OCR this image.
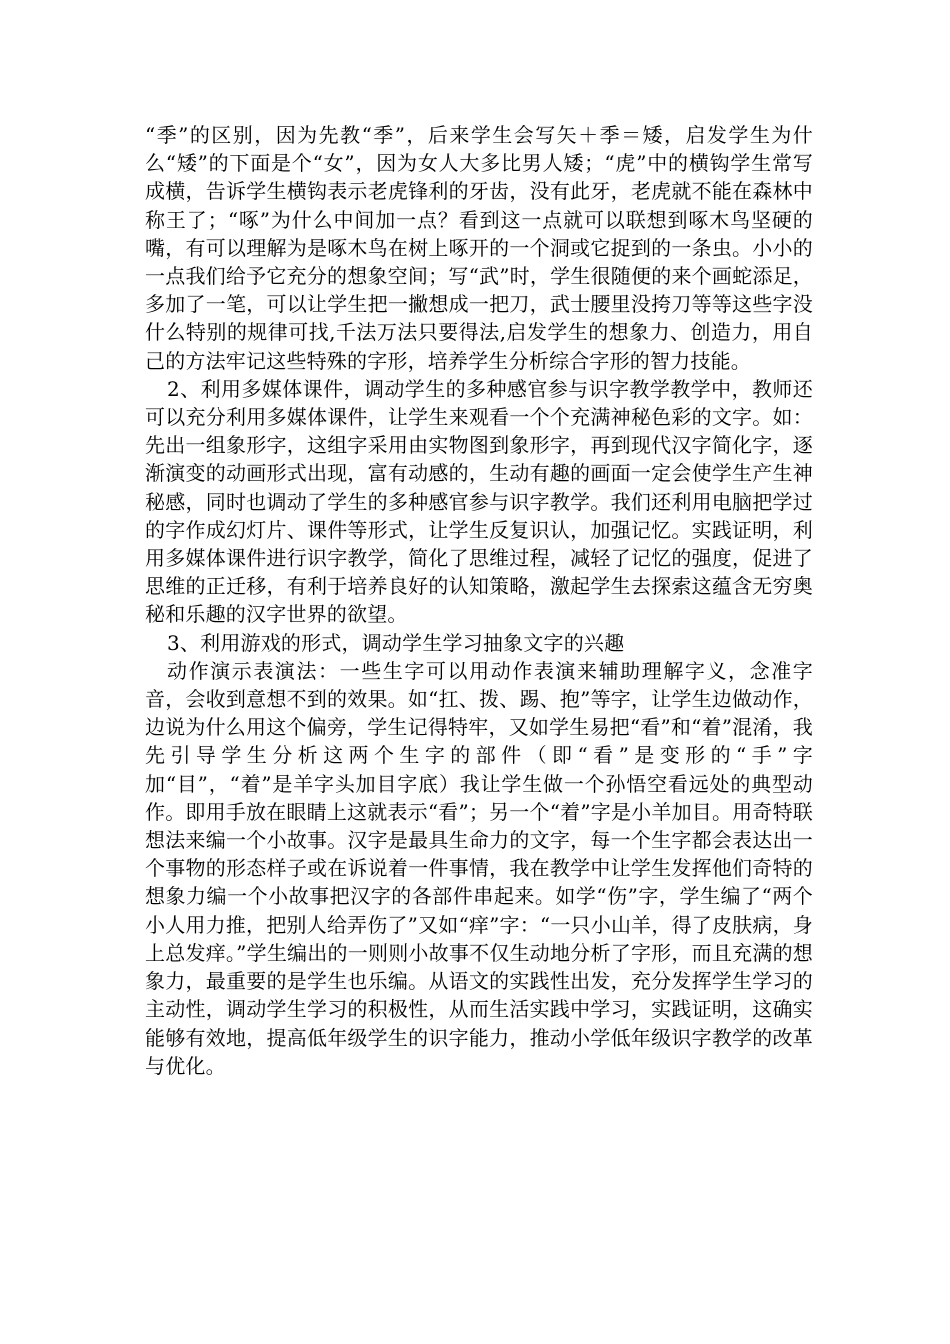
“季”的区别，因为先教“季”，后来学生会写矢＋季＝矮，启发学生为什么“矮”的下面是个“女”，因为女人大多比男人矮；“虎”中的横钩学生常写成横，告诉学生横钩表示老虎锋利的牙齿，没有此牙，老虎就不能在森林中称王了；“啄”为什么中间加一点？看到这一点就可以联想到啄木鸟坚硬的嘴，有可以理解为是啄木鸟在树上啄开的一个洞或它捉到的一条虫。小小的一点我们给予它充分的想象空间；写“武”时，学生很随便的来个画蛇添足，多加了一笔，可以让学生把一撇想成一把刀，武士腰里没挎刀等等这些字没什么特别的规律可找,千法万法只要得法,启发学生的想象力、创造力，用自己的方法牢记这些特殊的字形，培养学生分析综合字形的智力技能。

2、利用多媒体课件，调动学生的多种感官参与识字教学教学中，教师还可以充分利用多媒体课件，让学生来观看一个个充满神秘色彩的文字。如：先出一组象形字，这组字采用由实物图到象形字，再到现代汉字简化字，逐渐演变的动画形式出现，富有动感的，生动有趣的画面一定会使学生产生神秘感，同时也调动了学生的多种感官参与识字教学。我们还利用电脑把学过的字作成幻灯片、课件等形式，让学生反复识认，加强记忆。实践证明，利用多媒体课件进行识字教学，简化了思维过程，减轻了记忆的强度，促进了思维的正迁移，有利于培养良好的认知策略，激起学生去探索这蕴含无穷奥秘和乐趣的汉字世界的欲望。

3、利用游戏的形式，调动学生学习抽象文字的兴趣

动作演示表演法：一些生字可以用动作表演来辅助理解字义，念准字音，会收到意想不到的效果。如“扛、拨、踢、抱”等字，让学生边做动作，边说为什么用这个偏旁，学生记得特牢，又如学生易把“看”和“着”混淆，我先引导学生分析这两个生字的部件（即“看”是变形的“手”字加“目”，“着”是羊字头加目字底）我让学生做一个孙悟空看远处的典型动作。即用手放在眼睛上这就表示“看”；另一个“着”字是小羊加目。用奇特联想法来编一个小故事。汉字是最具生命力的文字，每一个生字都会表达出一个事物的形态样子或在诉说着一件事情，我在教学中让学生发挥他们奇特的想象力编一个小故事把汉字的各部件串起来。如学“伤”字，学生编了“两个小人用力推，把别人给弄伤了”又如“痒”字：“一只小山羊，得了皮肤病，身上总发痒。”学生编出的一则则小故事不仅生动地分析了字形，而且充满的想象力，最重要的是学生也乐编。从语文的实践性出发，充分发挥学生学习的主动性，调动学生学习的积极性，从而生活实践中学习，实践证明，这确实能够有效地，提高低年级学生的识字能力，推动小学低年级识字教学的改革与优化。
